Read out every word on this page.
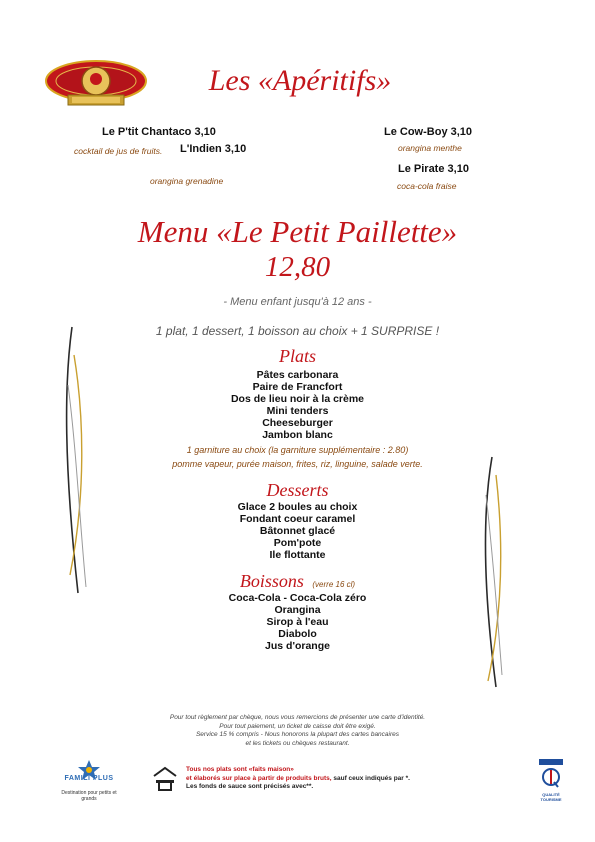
Les «Apéritifs»
Le P'tit Chantaco 3,10
cocktail de jus de fruits. L'Indien 3,10
orangina grenadine
Le Cow-Boy 3,10
orangina menthe
Le Pirate 3,10
coca-cola fraise
Menu «Le Petit Paillette»
12,80
- Menu enfant jusqu'à 12 ans -
1 plat, 1 dessert, 1 boisson au choix + 1 SURPRISE !
Plats
Pâtes carbonara
Paire de Francfort
Dos de lieu noir à la crème
Mini tenders
Cheeseburger
Jambon blanc
1 garniture au choix (la garniture supplémentaire : 2.80)
pomme vapeur, purée maison, frites, riz, linguine, salade verte.
Desserts
Glace 2 boules au choix
Fondant coeur caramel
Bâtonnet glacé
Pom'pote
Ile flottante
Boissons (verre 16 cl)
Coca-Cola - Coca-Cola zéro
Orangina
Sirop à l'eau
Diabolo
Jus d'orange
Pour tout règlement par chèque, nous vous remercions de présenter une carte d'identité.
Pour tout paiement, un ticket de caisse doit être exigé.
Service 15 % compris - Nous honorons la plupart des cartes bancaires
et les tickets ou chèques restaurant.
FAMILI PLUS
Destination pour petits et grands
Tous nos plats sont «faits maison»
et élaborés sur place à partir de produits bruts, sauf ceux indiqués par *.
Les fonds de sauce sont précisés avec**.
QUALITÉ TOURISME
